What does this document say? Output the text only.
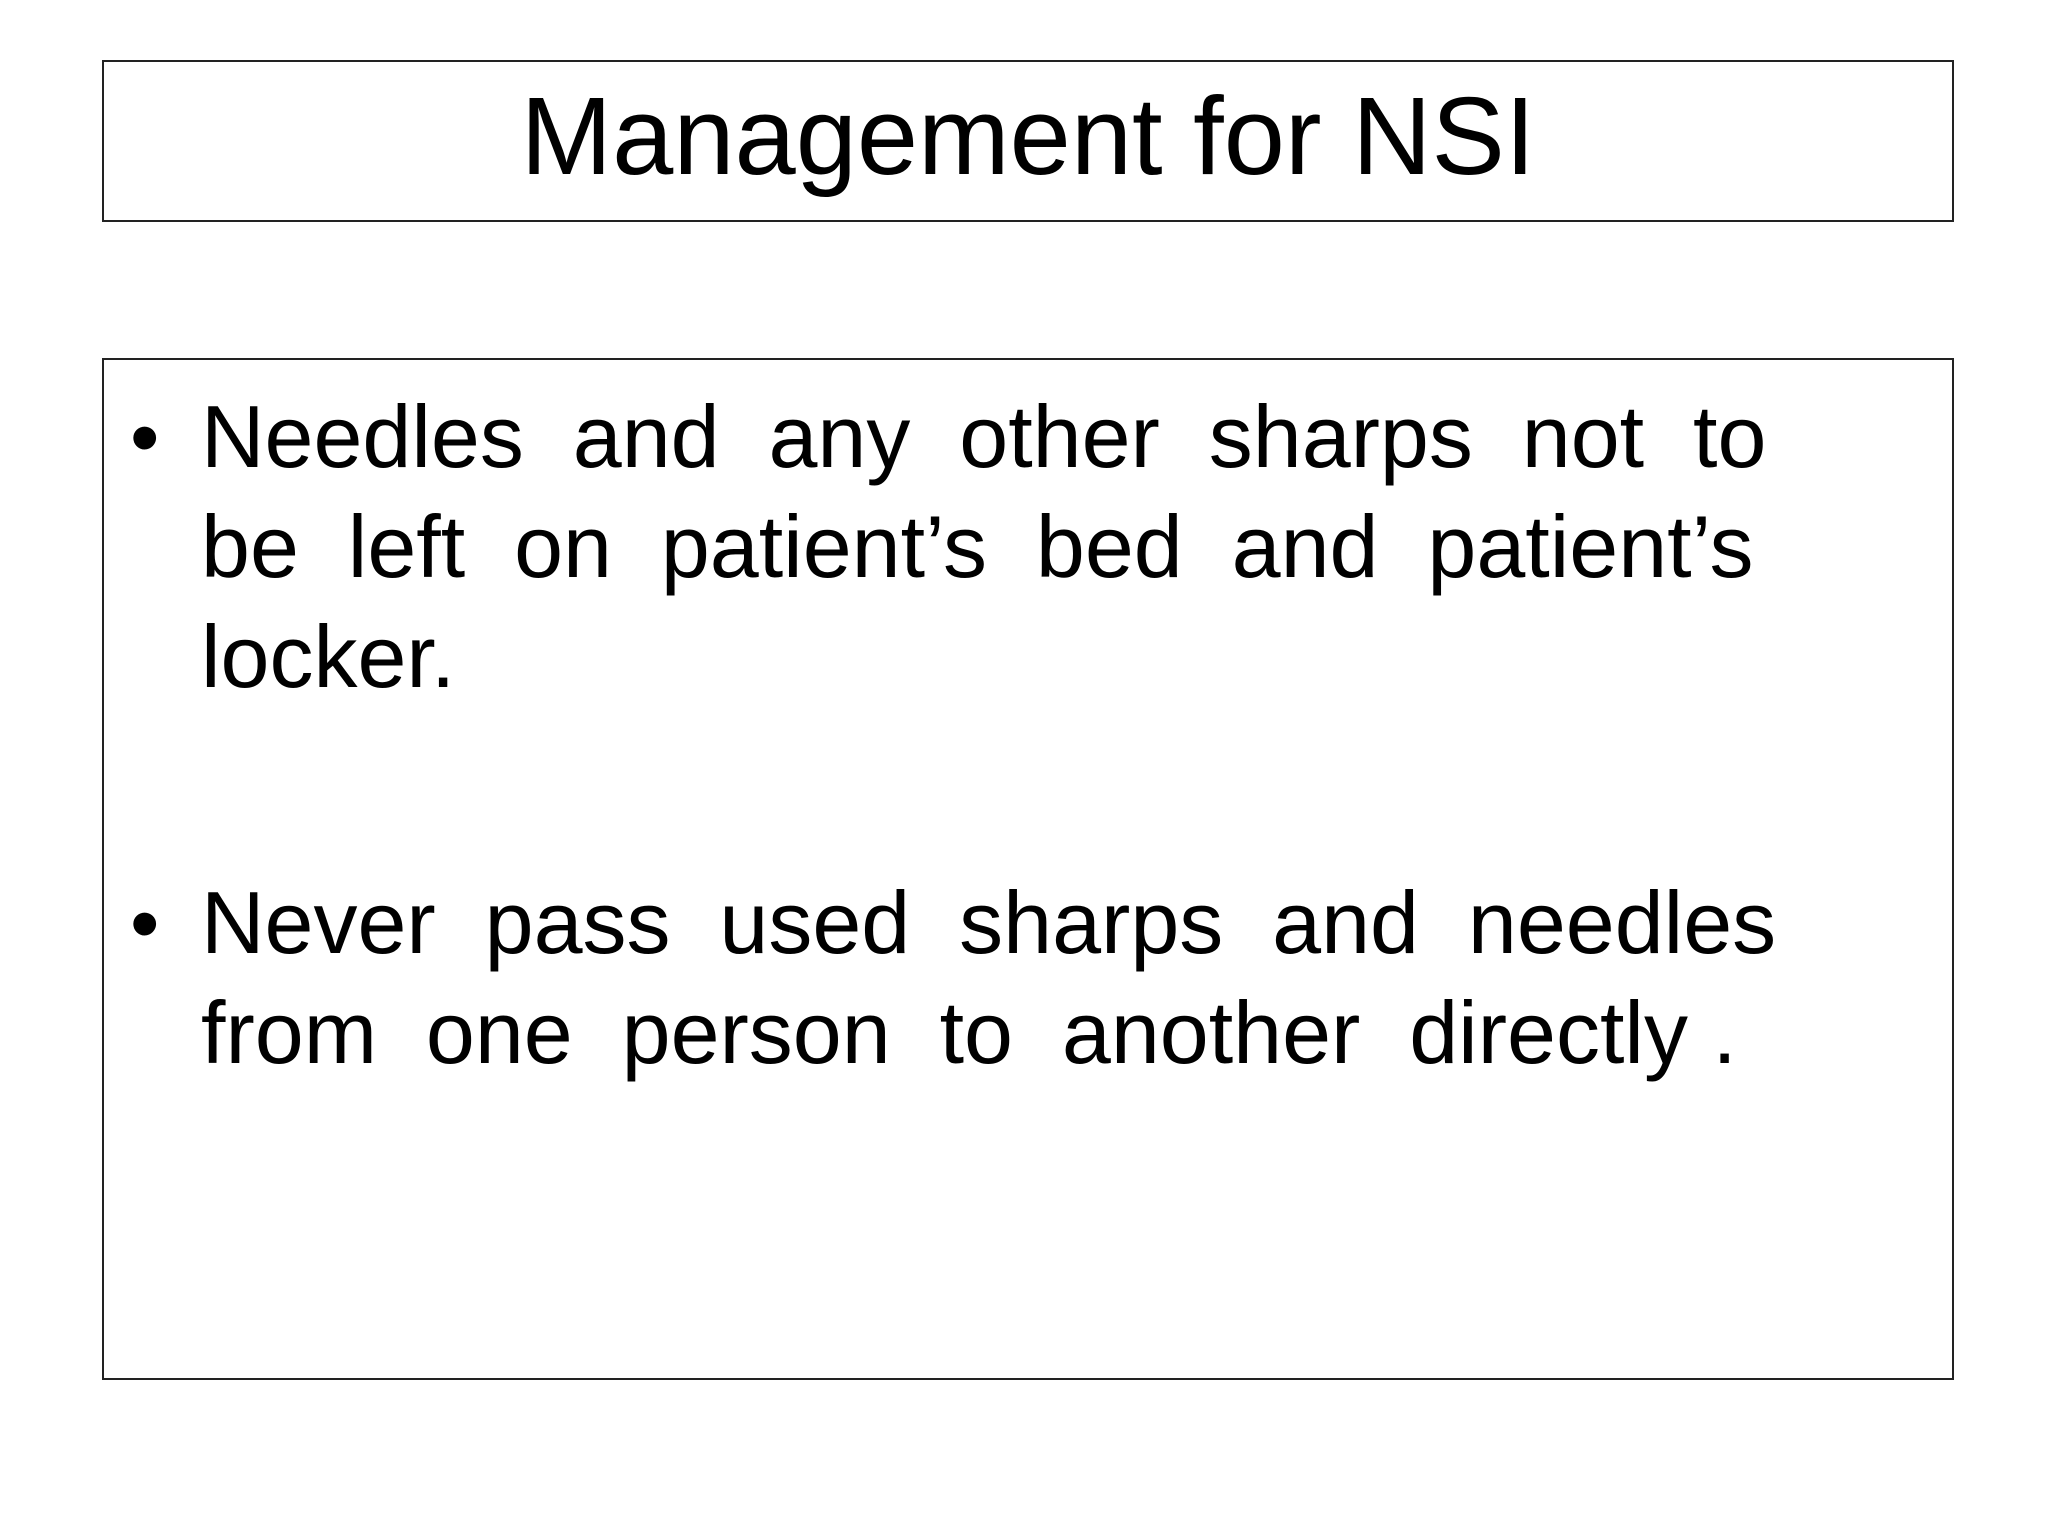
Management for NSI
• Needles  and  any  other  sharps  not  to
be  left  on  patient’s  bed  and  patient’s
locker.
• Never  pass  used  sharps  and  needles
from  one  person  to  another  directly .
